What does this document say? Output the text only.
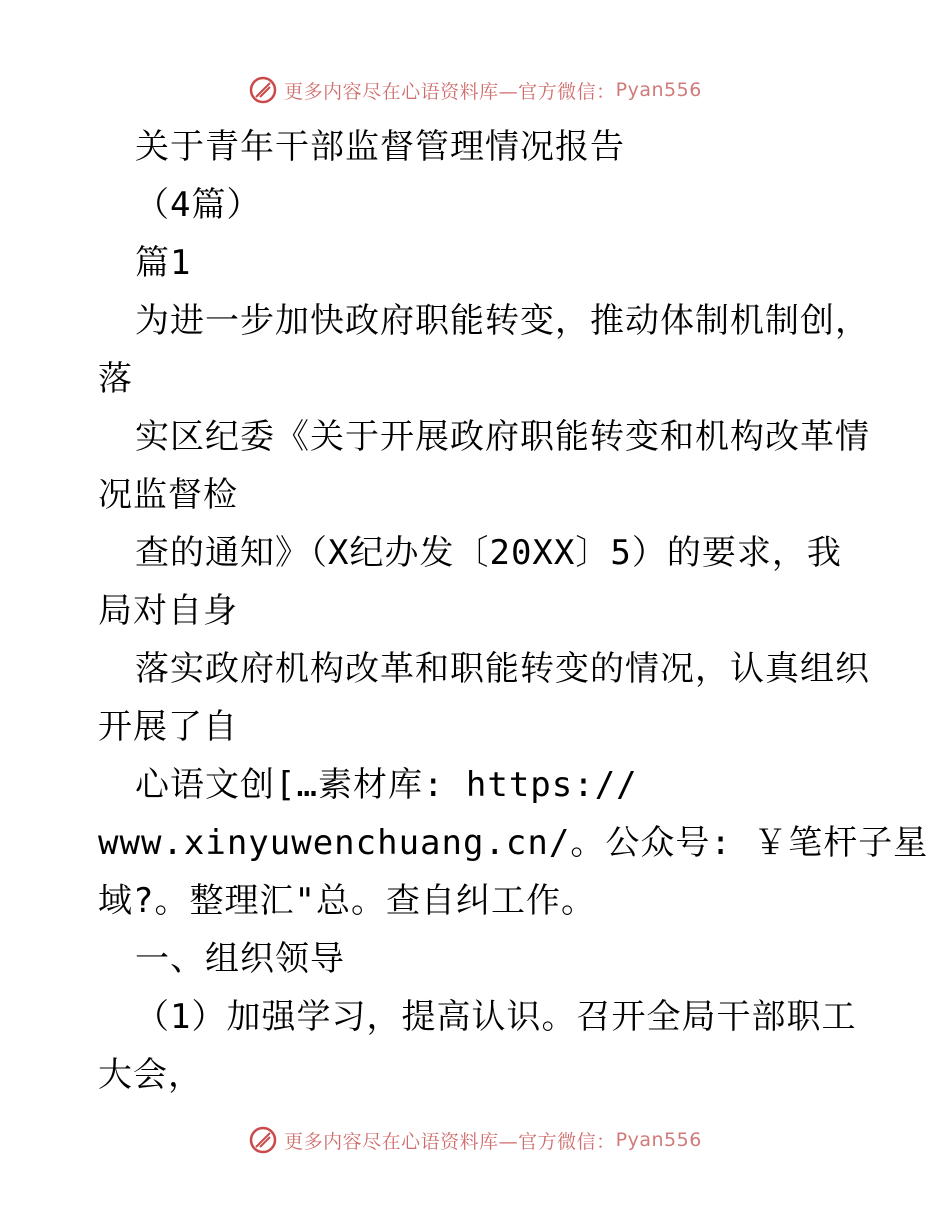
更多内容尽在心语资料库—官方微信： Pyan556
关于青年干部监督管理情况报告
（4篇）
篇1
为进一步加快政府职能转变，推动体制机制创，
落
实区纪委《关于开展政府职能转变和机构改革情
况监督检
查的通知》（X纪办发〔20XX〕5）的要求，我
局对自身
落实政府机构改革和职能转变的情况，认真组织
开展了自
心语文创[…素材库: https://
www.xinyuwenchuang.cn/。公众号: ￥笔杆子星
域?。整理汇"总。查自纠工作。
一、组织领导
（1）加强学习，提高认识。召开全局干部职工
大会，
更多内容尽在心语资料库—官方微信： Pyan556
